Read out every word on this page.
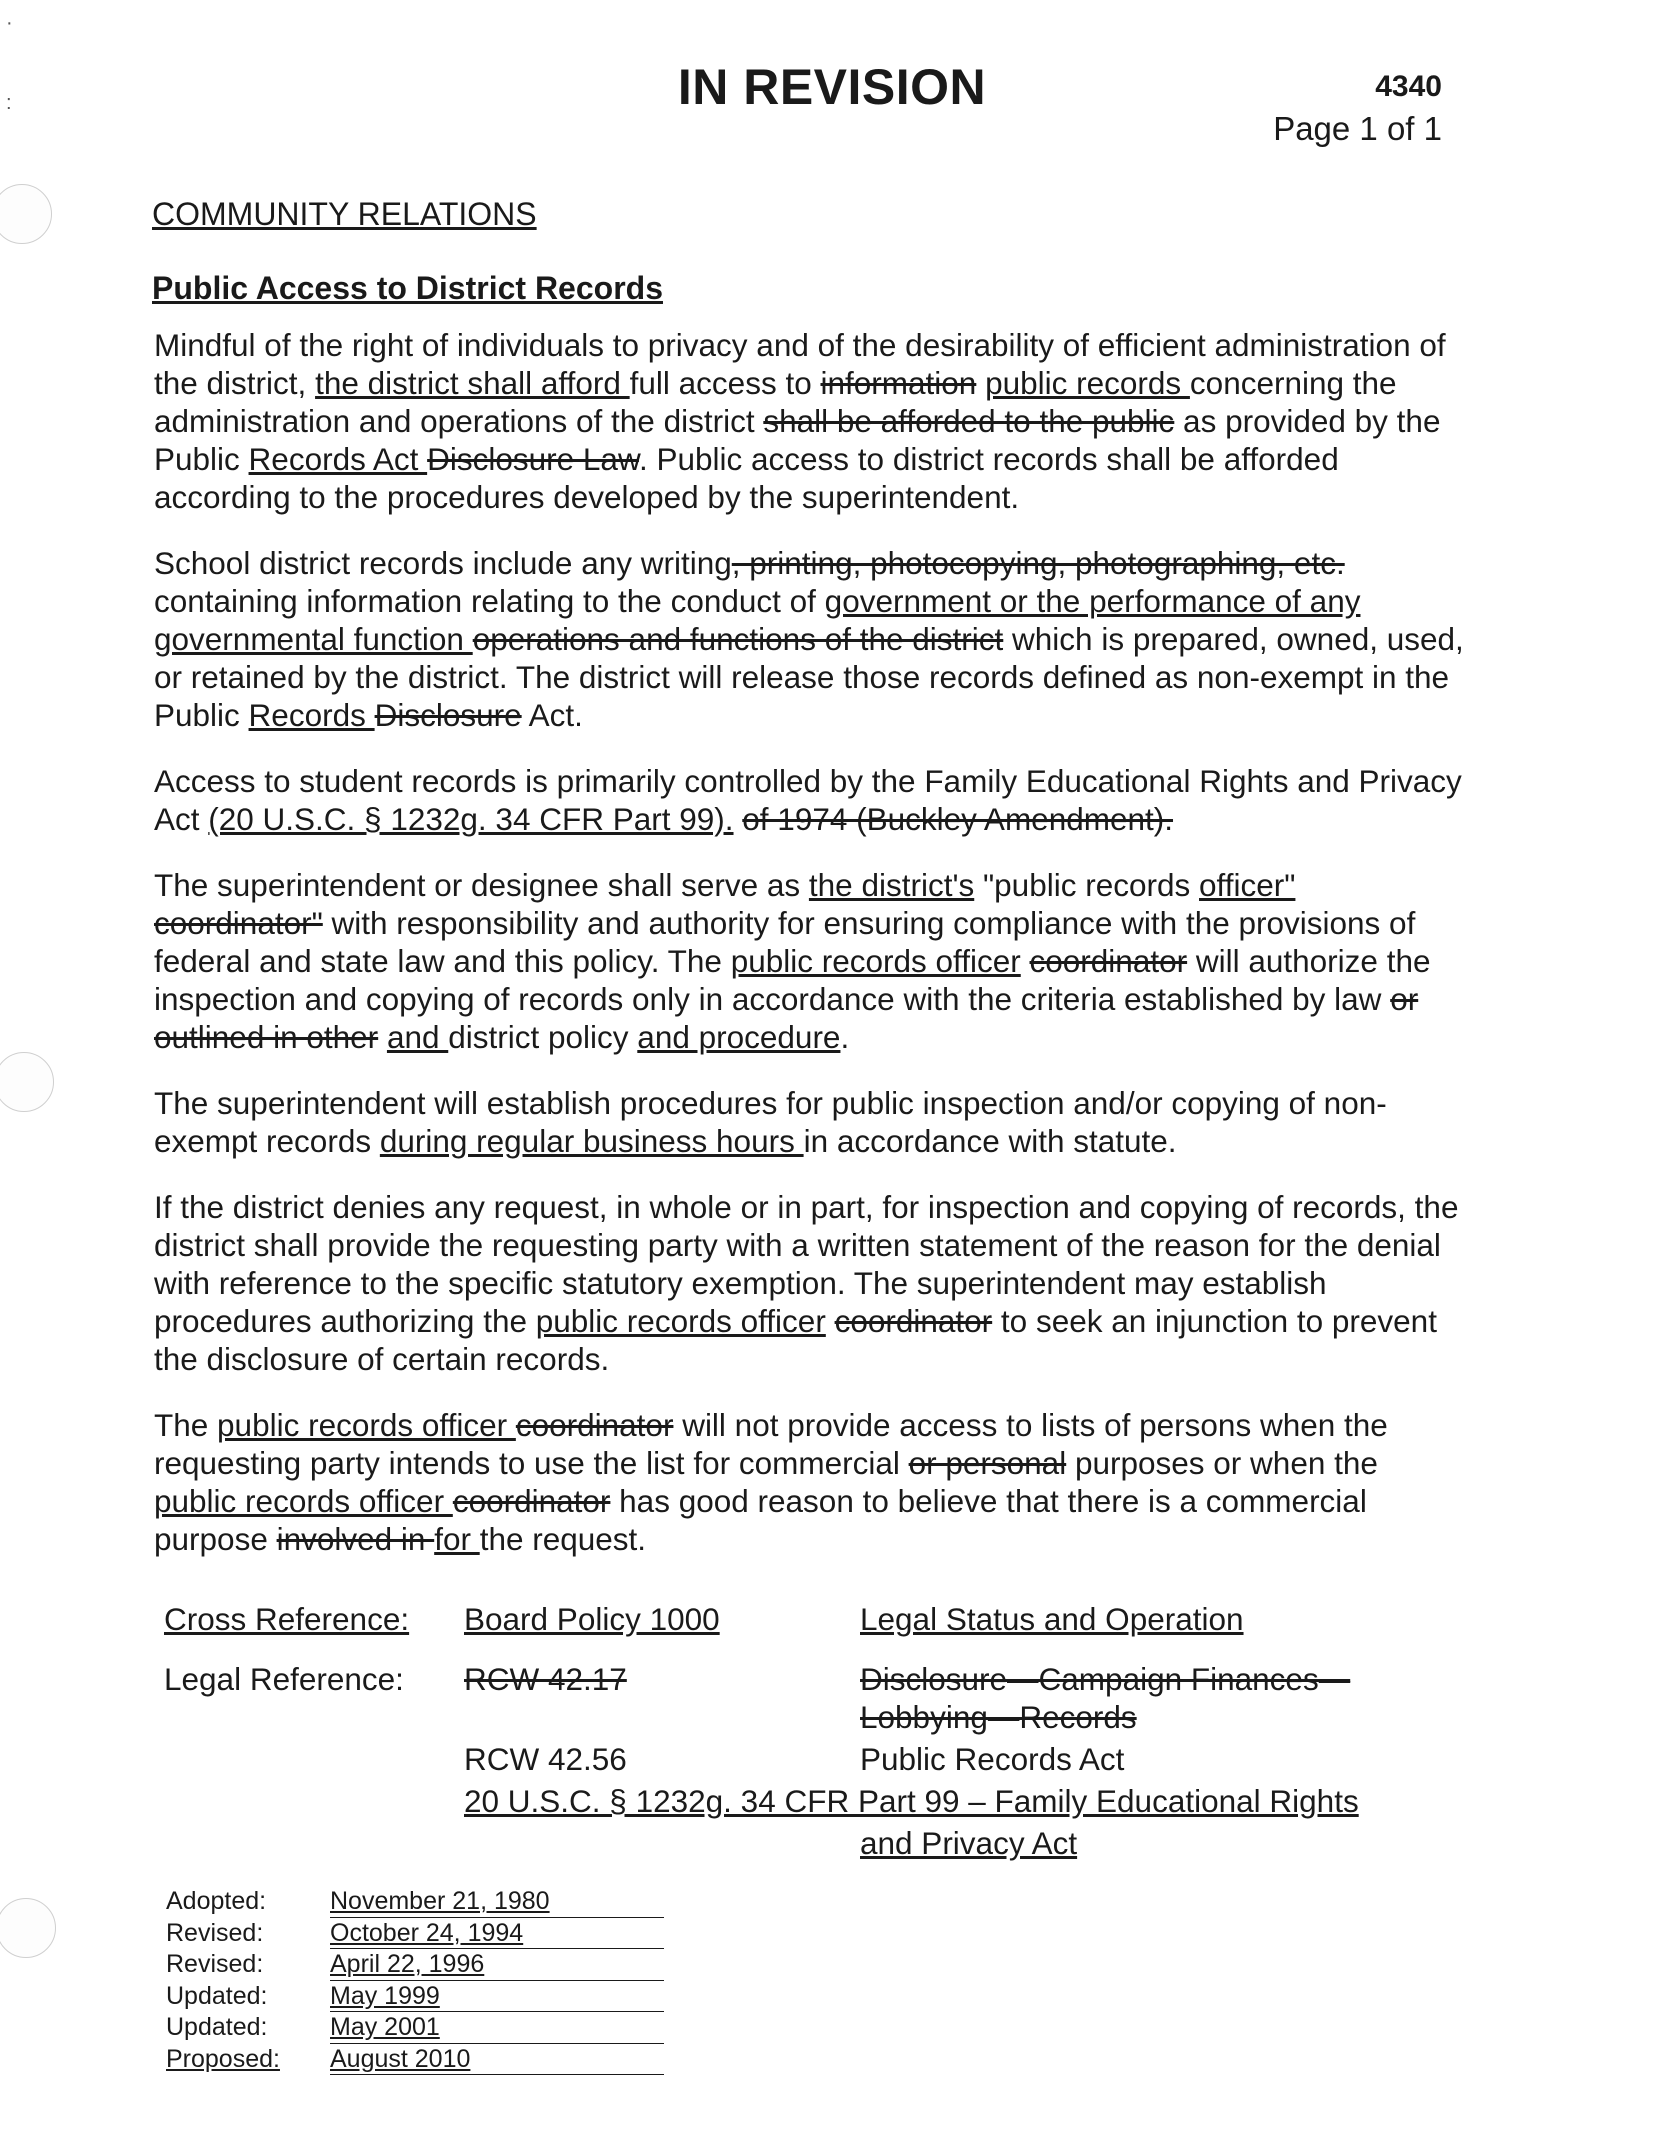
·
:	IN REVISION	4340
Page 1 of 1
COMMUNITY RELATIONS
Public Access to District Records

Mindful of the right of individuals to privacy and of the desirability of efficient administration of the district, the district shall afford full access to information public records concerning the administration and operations of the district shall be afforded to the public as provided by the Public Records Act Disclosure Law. Public access to district records shall be afforded according to the procedures developed by the superintendent.

School district records include any writing, printing, photocopying, photographing, etc. containing information relating to the conduct of government or the performance of any governmental function operations and functions of the district which is prepared, owned, used, or retained by the district. The district will release those records defined as non-exempt in the Public Records Disclosure Act.

Access to student records is primarily controlled by the Family Educational Rights and Privacy Act (20 U.S.C. § 1232g. 34 CFR Part 99). of 1974 (Buckley Amendment).

The superintendent or designee shall serve as the district's "public records officer" coordinator" with responsibility and authority for ensuring compliance with the provisions of federal and state law and this policy. The public records officer coordinator will authorize the inspection and copying of records only in accordance with the criteria established by law or outlined in other and district policy and procedure.

The superintendent will establish procedures for public inspection and/or copying of non-exempt records during regular business hours in accordance with statute.

If the district denies any request, in whole or in part, for inspection and copying of records, the district shall provide the requesting party with a written statement of the reason for the denial with reference to the specific statutory exemption. The superintendent may establish procedures authorizing the public records officer coordinator to seek an injunction to prevent the disclosure of certain records.

The public records officer coordinator will not provide access to lists of persons when the requesting party intends to use the list for commercial or personal purposes or when the public records officer coordinator has good reason to believe that there is a commercial purpose involved in for the request.

Cross Reference:	Board Policy 1000	Legal Status and Operation

Legal Reference:	RCW 42.17	Disclosure—Campaign Finances—Lobbying—Records
	RCW 42.56	Public Records Act
	20 U.S.C. § 1232g. 34 CFR Part 99 – Family Educational Rights	
		and Privacy Act
Adopted:	November 21, 1980
Revised:	October 24, 1994
Revised:	April 22, 1996
Updated:	May 1999
Updated:	May 2001
Proposed:	August 2010
